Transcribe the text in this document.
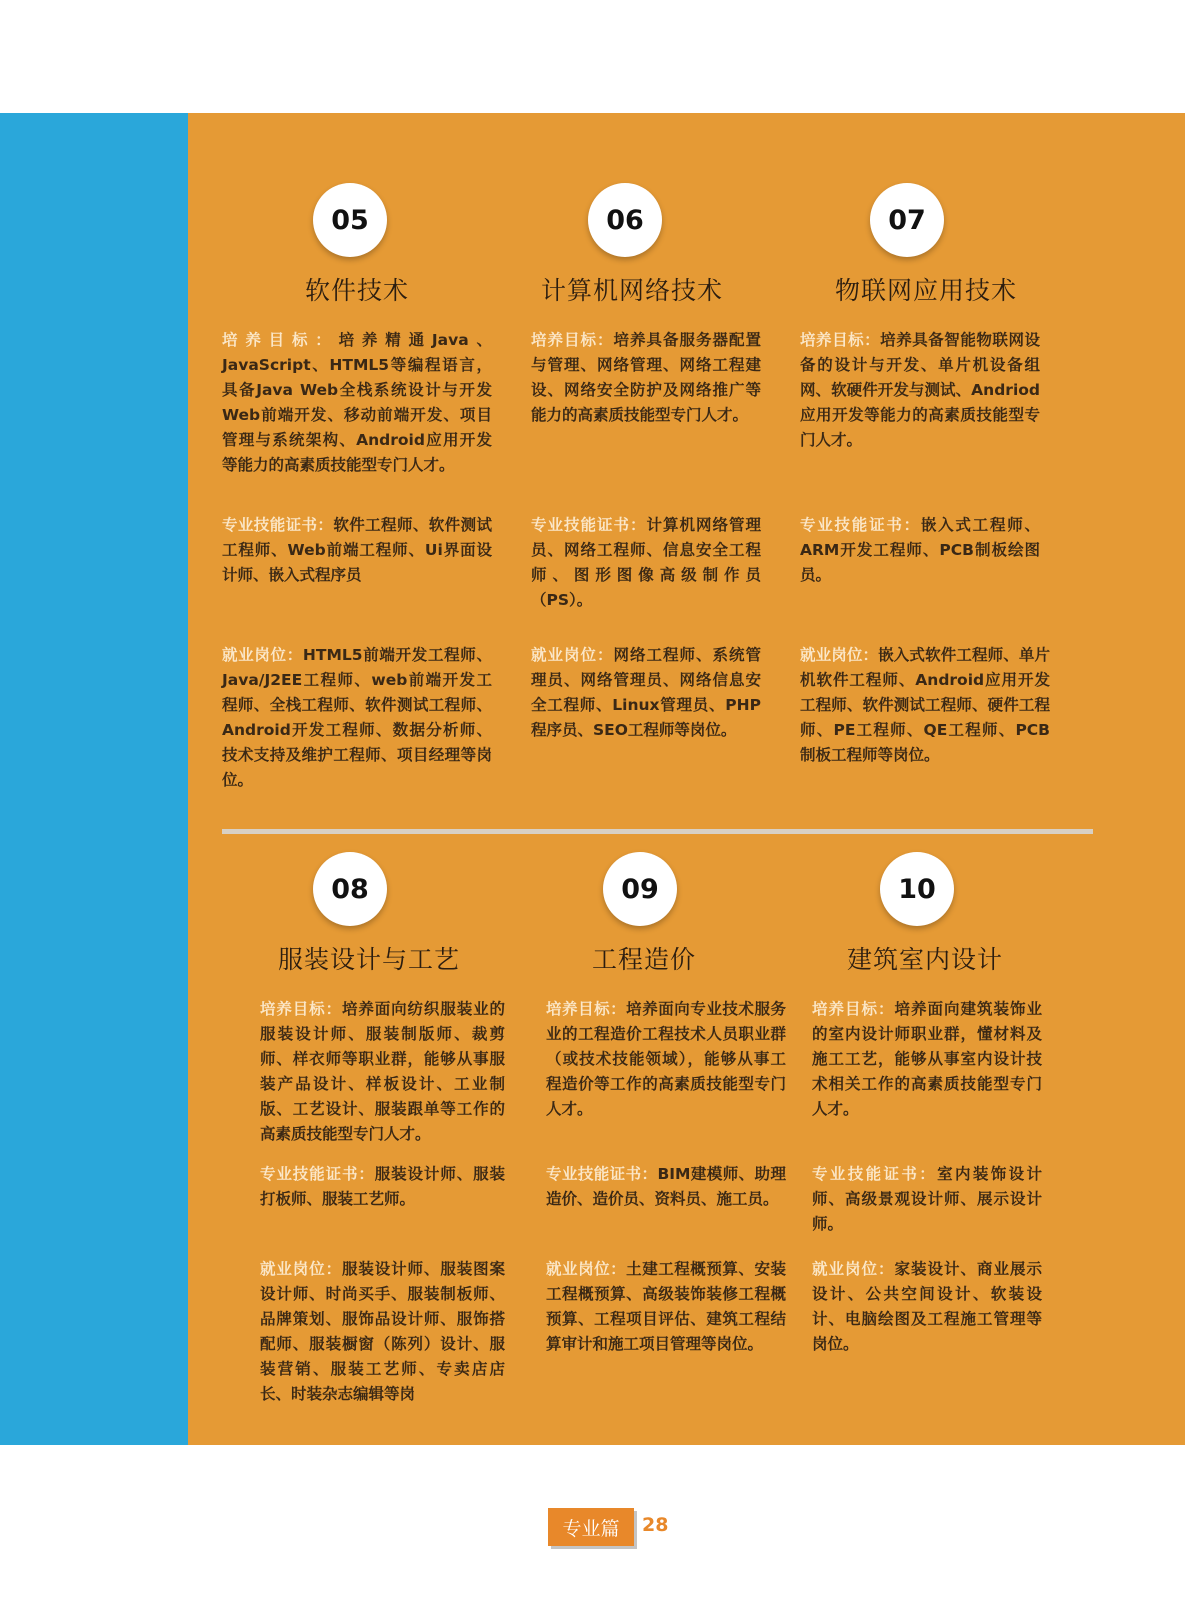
05
软件技术
培养目标：培养精通Java、JavaScript、HTML5等编程语言，具备Java Web全栈系统设计与开发Web前端开发、移动前端开发、项目管理与系统架构、Android应用开发等能力的高素质技能型专门人才。
专业技能证书：软件工程师、软件测试工程师、Web前端工程师、Ui界面设计师、嵌入式程序员
就业岗位：HTML5前端开发工程师、Java/J2EE工程师、web前端开发工程师、全栈工程师、软件测试工程师、Android开发工程师、数据分析师、技术支持及维护工程师、项目经理等岗位。
06
计算机网络技术
培养目标：培养具备服务器配置与管理、网络管理、网络工程建设、网络安全防护及网络推广等能力的高素质技能型专门人才。
专业技能证书：计算机网络管理员、网络工程师、信息安全工程师、图形图像高级制作员（PS）。
就业岗位：网络工程师、系统管理员、网络管理员、网络信息安全工程师、Linux管理员、PHP程序员、SEO工程师等岗位。
07
物联网应用技术
培养目标：培养具备智能物联网设备的设计与开发、单片机设备组网、软硬件开发与测试、Andriod应用开发等能力的高素质技能型专门人才。
专业技能证书：嵌入式工程师、ARM开发工程师、PCB制板绘图员。
就业岗位：嵌入式软件工程师、单片机软件工程师、Android应用开发工程师、软件测试工程师、硬件工程师、PE工程师、QE工程师、PCB制板工程师等岗位。
08
服装设计与工艺
培养目标：培养面向纺织服装业的服装设计师、服装制版师、裁剪师、样衣师等职业群，能够从事服装产品设计、样板设计、工业制版、工艺设计、服装跟单等工作的高素质技能型专门人才。
专业技能证书：服装设计师、服装打板师、服装工艺师。
就业岗位：服装设计师、服装图案设计师、时尚买手、服装制板师、品牌策划、服饰品设计师、服饰搭配师、服装橱窗（陈列）设计、服装营销、服装工艺师、专卖店店长、时装杂志编辑等岗
09
工程造价
培养目标：培养面向专业技术服务业的工程造价工程技术人员职业群（或技术技能领域），能够从事工程造价等工作的高素质技能型专门人才。
专业技能证书：BIM建模师、助理造价、造价员、资料员、施工员。
就业岗位：土建工程概预算、安装工程概预算、高级装饰装修工程概预算、工程项目评估、建筑工程结算审计和施工项目管理等岗位。
10
建筑室内设计
培养目标：培养面向建筑装饰业的室内设计师职业群，懂材料及施工工艺，能够从事室内设计技术相关工作的高素质技能型专门人才。
专业技能证书：室内装饰设计师、高级景观设计师、展示设计师。
就业岗位：家装设计、商业展示设计、公共空间设计、软装设计、电脑绘图及工程施工管理等岗位。
专业篇	28
